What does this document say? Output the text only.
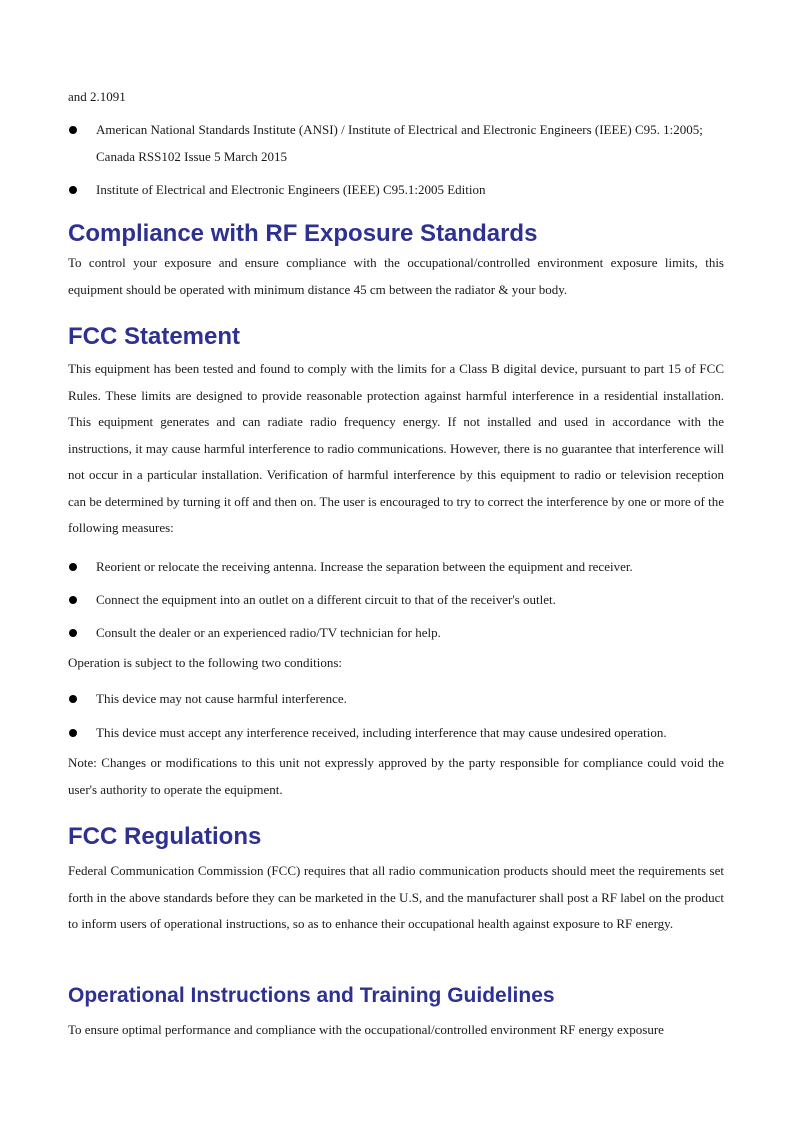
and 2.1091
American National Standards Institute (ANSI) / Institute of Electrical and Electronic Engineers (IEEE) C95. 1:2005; Canada RSS102 Issue 5 March 2015
Institute of Electrical and Electronic Engineers (IEEE) C95.1:2005 Edition
Compliance with RF Exposure Standards
To control your exposure and ensure compliance with the occupational/controlled environment exposure limits, this equipment should be operated with minimum distance 45 cm between the radiator & your body.
FCC Statement
This equipment has been tested and found to comply with the limits for a Class B digital device, pursuant to part 15 of FCC Rules. These limits are designed to provide reasonable protection against harmful interference in a residential installation. This equipment generates and can radiate radio frequency energy. If not installed and used in accordance with the instructions, it may cause harmful interference to radio communications. However, there is no guarantee that interference will not occur in a particular installation. Verification of harmful interference by this equipment to radio or television reception can be determined by turning it off and then on. The user is encouraged to try to correct the interference by one or more of the following measures:
Reorient or relocate the receiving antenna. Increase the separation between the equipment and receiver.
Connect the equipment into an outlet on a different circuit to that of the receiver's outlet.
Consult the dealer or an experienced radio/TV technician for help.
Operation is subject to the following two conditions:
This device may not cause harmful interference.
This device must accept any interference received, including interference that may cause undesired operation.
Note: Changes or modifications to this unit not expressly approved by the party responsible for compliance could void the user's authority to operate the equipment.
FCC Regulations
Federal Communication Commission (FCC) requires that all radio communication products should meet the requirements set forth in the above standards before they can be marketed in the U.S, and the manufacturer shall post a RF label on the product to inform users of operational instructions, so as to enhance their occupational health against exposure to RF energy.
Operational Instructions and Training Guidelines
To ensure optimal performance and compliance with the occupational/controlled environment RF energy exposure
